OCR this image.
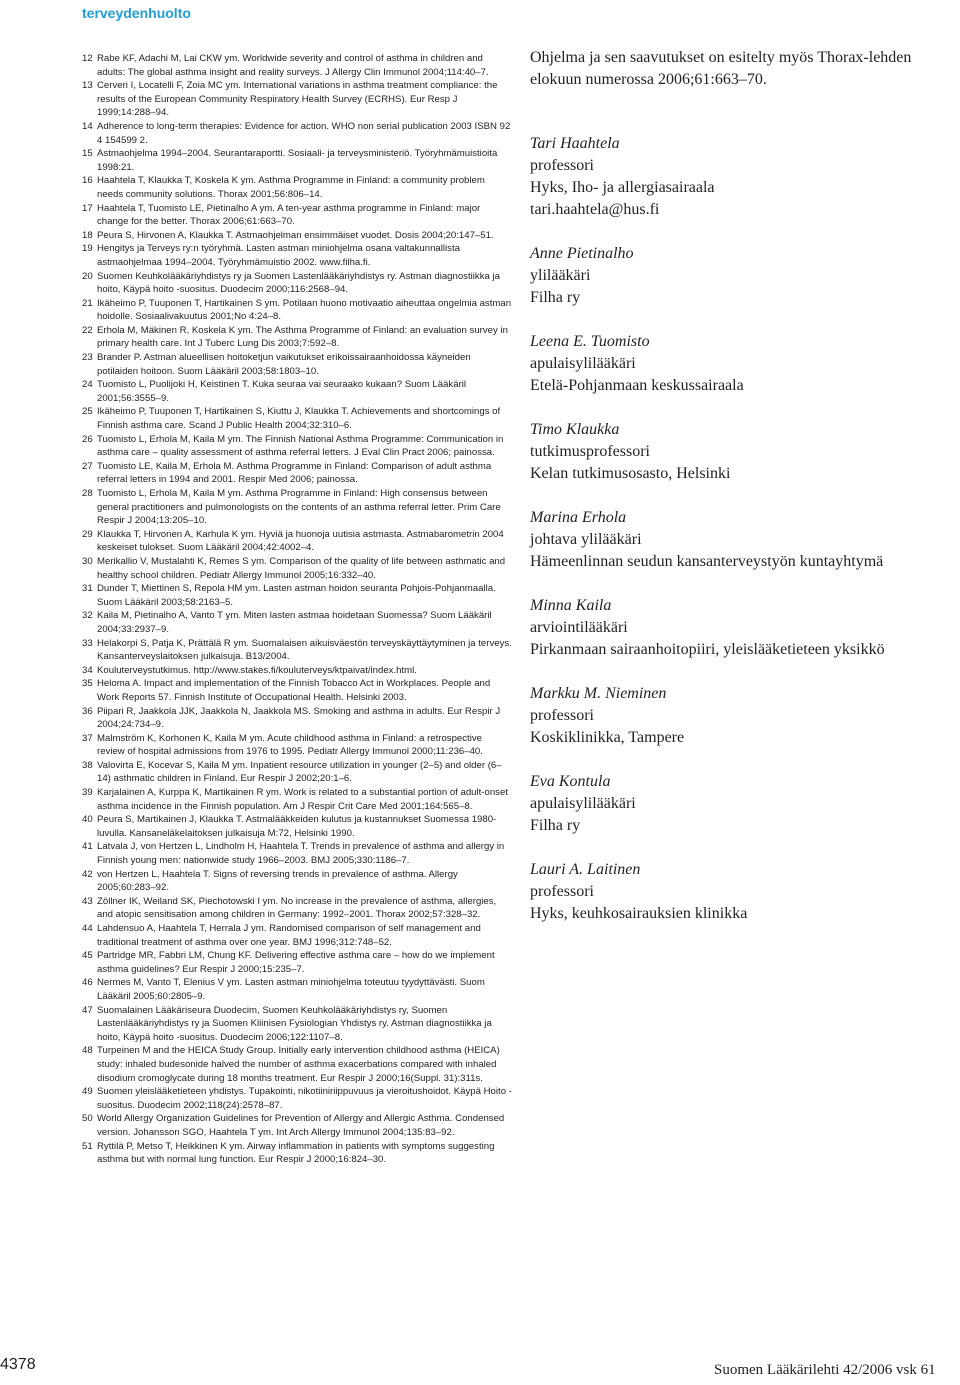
terveydenhuolto
12 Rabe KF, Adachi M, Lai CKW ym. Worldwide severity and control of asthma in children and adults: The global asthma insight and reality surveys. J Allergy Clin Immunol 2004;114:40–7.
13 Cerveri I, Locatelli F, Zoia MC ym. International variations in asthma treatment compliance: the results of the European Community Respiratory Health Survey (ECRHS). Eur Resp J 1999;14:288–94.
14 Adherence to long-term therapies: Evidence for action. WHO non serial publication 2003 ISBN 92 4 154599 2.
15 Astmaohjelma 1994–2004. Seurantaraportti. Sosiaali- ja terveysministeriö. Työryhmämuistioita 1998:21.
16 Haahtela T, Klaukka T, Koskela K ym. Asthma Programme in Finland: a community problem needs community solutions. Thorax 2001;56:806–14.
17 Haahtela T, Tuomisto LE, Pietinalho A ym. A ten-year asthma programme in Finland: major change for the better. Thorax 2006;61:663–70.
18 Peura S, Hirvonen A, Klaukka T. Astmaohjelman ensimmäiset vuodet. Dosis 2004;20:147–51.
19 Hengitys ja Terveys ry:n työryhmä. Lasten astman miniohjelma osana valtakunnallista astmaohjelmaa 1994–2004. Työryhmämuistio 2002. www.filha.fi.
20 Suomen Keuhkolääkäriyhdistys ry ja Suomen Lastenlääkäriyhdistys ry. Astman diagnostiikka ja hoito, Käypä hoito -suositus. Duodecim 2000;116:2568–94.
21 Ikäheimo P, Tuuponen T, Hartikainen S ym. Potilaan huono motivaatio aiheuttaa ongelmia astman hoidolle. Sosiaalivakuutus 2001;No 4:24–8.
22 Erhola M, Mäkinen R, Koskela K ym. The Asthma Programme of Finland: an evaluation survey in primary health care. Int J Tuberc Lung Dis 2003;7:592–8.
23 Brander P. Astman alueellisen hoitoketjun vaikutukset erikoissairaanhoidossa käyneiden potilaiden hoitoon. Suom Lääkäril 2003;58:1803–10.
24 Tuomisto L, Puolijoki H, Keistinen T. Kuka seuraa vai seuraako kukaan? Suom Lääkäril 2001;56:3555–9.
25 Ikäheimo P, Tuuponen T, Hartikainen S, Kiuttu J, Klaukka T. Achievements and shortcomings of Finnish asthma care. Scand J Public Health 2004;32:310–6.
26 Tuomisto L, Erhola M, Kaila M ym. The Finnish National Asthma Programme: Communication in asthma care – quality assessment of asthma referral letters. J Eval Clin Pract 2006; painossa.
27 Tuomisto LE, Kaila M, Erhola M. Asthma Programme in Finland: Comparison of adult asthma referral letters in 1994 and 2001. Respir Med 2006; painossa.
28 Tuomisto L, Erhola M, Kaila M ym. Asthma Programme in Finland: High consensus between general practitioners and pulmonologists on the contents of an asthma referral letter. Prim Care Respir J 2004;13:205–10.
29 Klaukka T, Hirvonen A, Karhula K ym. Hyviä ja huonoja uutisia astmasta. Astmabarometrin 2004 keskeiset tulokset. Suom Lääkäril 2004;42:4002–4.
30 Merikallio V, Mustalahti K, Remes S ym. Comparison of the quality of life between asthmatic and healthy school children. Pediatr Allergy Immunol 2005;16:332–40.
31 Dunder T, Miettinen S, Repola HM ym. Lasten astman hoidon seuranta Pohjois-Pohjanmaalla. Suom Lääkäril 2003;58:2163–5.
32 Kaila M, Pietinalho A, Vanto T ym. Miten lasten astmaa hoidetaan Suomessa? Suom Lääkäril 2004;33:2937–9.
33 Helakorpi S, Patja K, Prättälä R ym. Suomalaisen aikuisväestön terveyskäyttäytyminen ja terveys. Kansanterveyslaitoksen julkaisuja. B13/2004.
34 Kouluterveystutkimus. http://www.stakes.fi/kouluterveys/ktpaivat/index.html.
35 Heloma A. Impact and implementation of the Finnish Tobacco Act in Workplaces. People and Work Reports 57. Finnish Institute of Occupational Health. Helsinki 2003.
36 Piipari R, Jaakkola JJK, Jaakkola N, Jaakkola MS. Smoking and asthma in adults. Eur Respir J 2004;24:734–9.
37 Malmström K, Korhonen K, Kaila M ym. Acute childhood asthma in Finland: a retrospective review of hospital admissions from 1976 to 1995. Pediatr Allergy Immunol 2000;11:236–40.
38 Valovirta E, Kocevar S, Kaila M ym. Inpatient resource utilization in younger (2–5) and older (6–14) asthmatic children in Finland. Eur Respir J 2002;20:1–6.
39 Karjalainen A, Kurppa K, Martikainen R ym. Work is related to a substantial portion of adult-onset asthma incidence in the Finnish population. Am J Respir Crit Care Med 2001;164:565–8.
40 Peura S, Martikainen J, Klaukka T. Astmalääkkeiden kulutus ja kustannukset Suomessa 1980-luvulla. Kansaneläkelaitoksen julkaisuja M:72, Helsinki 1990.
41 Latvala J, von Hertzen L, Lindholm H, Haahtela T. Trends in prevalence of asthma and allergy in Finnish young men: nationwide study 1966–2003. BMJ 2005;330:1186–7.
42 von Hertzen L, Haahtela T. Signs of reversing trends in prevalence of asthma. Allergy 2005;60:283–92.
43 Zöllner IK, Weiland SK, Piechotowski I ym. No increase in the prevalence of asthma, allergies, and atopic sensitisation among children in Germany: 1992–2001. Thorax 2002;57:328–32.
44 Lahdensuo A, Haahtela T, Herrala J ym. Randomised comparison of self management and traditional treatment of asthma over one year. BMJ 1996;312:748–52.
45 Partridge MR, Fabbri LM, Chung KF. Delivering effective asthma care – how do we implement asthma guidelines? Eur Respir J 2000;15:235–7.
46 Nermes M, Vanto T, Elenius V ym. Lasten astman miniohjelma toteutuu tyydyttävästi. Suom Lääkäril 2005;60:2805–9.
47 Suomalainen Lääkäriseura Duodecim, Suomen Keuhkolääkäriyhdistys ry, Suomen Lastenlääkäriyhdistys ry ja Suomen Kliinisen Fysiologian Yhdistys ry. Astman diagnostiikka ja hoito, Käypä hoito -suositus. Duodecim 2006;122:1107–8.
48 Turpeinen M and the HEICA Study Group. Initially early intervention childhood asthma (HEICA) study: inhaled budesonide halved the number of asthma exacerbations compared with inhaled disodium cromoglycate during 18 months treatment. Eur Respir J 2000;16(Suppl. 31):311s.
49 Suomen yleislääketieteen yhdistys. Tupakointi, nikotiiniriippuvuus ja vieroitushoidot. Käypä Hoito -suositus. Duodecim 2002;118(24):2578–87.
50 World Allergy Organization Guidelines for Prevention of Allergy and Allergic Asthma. Condensed version. Johansson SGO, Haahtela T ym. Int Arch Allergy Immunol 2004;135:83–92.
51 Ryttilä P, Metso T, Heikkinen K ym. Airway inflammation in patients with symptoms suggesting asthma but with normal lung function. Eur Respir J 2000;16:824–30.

Ohjelma ja sen saavutukset on esitelty myös Thorax-lehden elokuun numerossa 2006;61:663–70.

Tari Haahtela
professori
Hyks, Iho- ja allergiasairaala
tari.haahtela@hus.fi
Anne Pietinalho
ylilääkäri
Filha ry
Leena E. Tuomisto
apulaisylilääkäri
Etelä-Pohjanmaan keskussairaala
Timo Klaukka
tutkimusprofessori
Kelan tutkimusosasto, Helsinki
Marina Erhola
johtava ylilääkäri
Hämeenlinnan seudun kansanterveystyön kuntayhtymä
Minna Kaila
arviointilääkäri
Pirkanmaan sairaanhoitopiiri, yleislääketieteen yksikkö
Markku M. Nieminen
professori
Koskiklinikka, Tampere
Eva Kontula
apulaisylilääkäri
Filha ry
Lauri A. Laitinen
professori
Hyks, keuhkosairauksien klinikka
4378	Suomen Lääkärilehti 42/2006 vsk 61
